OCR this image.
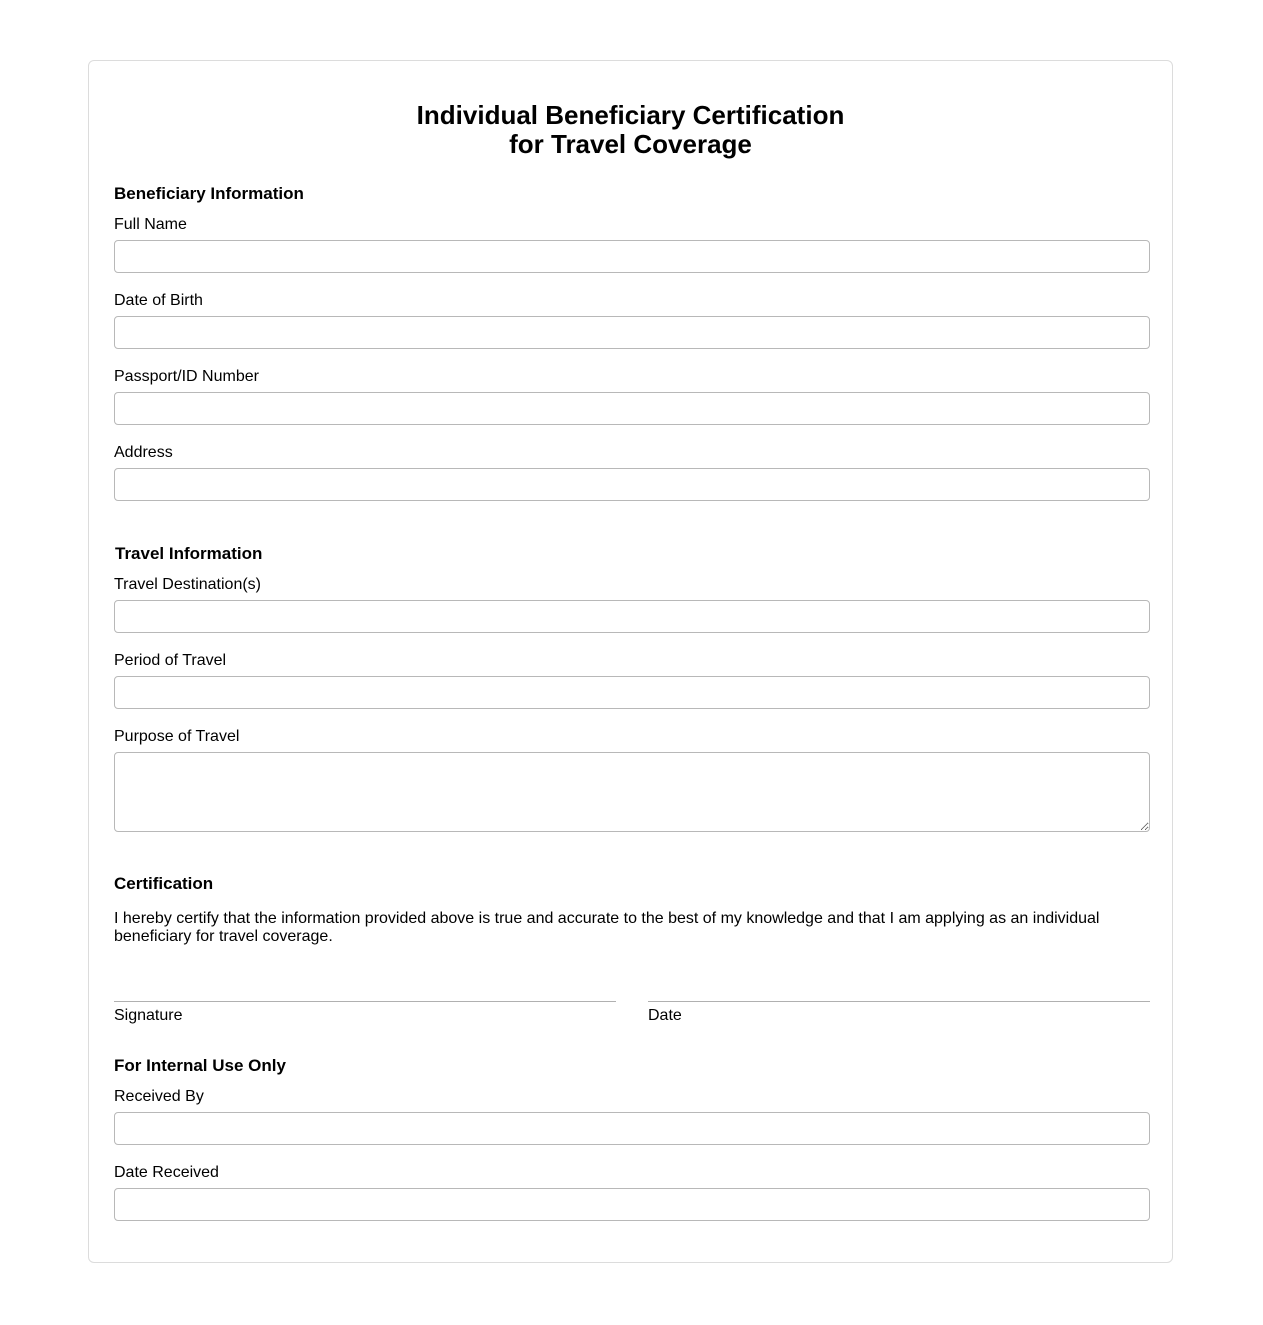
Individual Beneficiary Certification
for Travel Coverage
Beneficiary Information
Full Name
Date of Birth
Passport/ID Number
Address
Travel Information
Travel Destination(s)
Period of Travel
Purpose of Travel
Certification

I hereby certify that the information provided above is true and accurate to the best of my knowledge and that I am applying as an individual beneficiary for travel coverage.

Signature	Date
For Internal Use Only
Received By
Date Received
